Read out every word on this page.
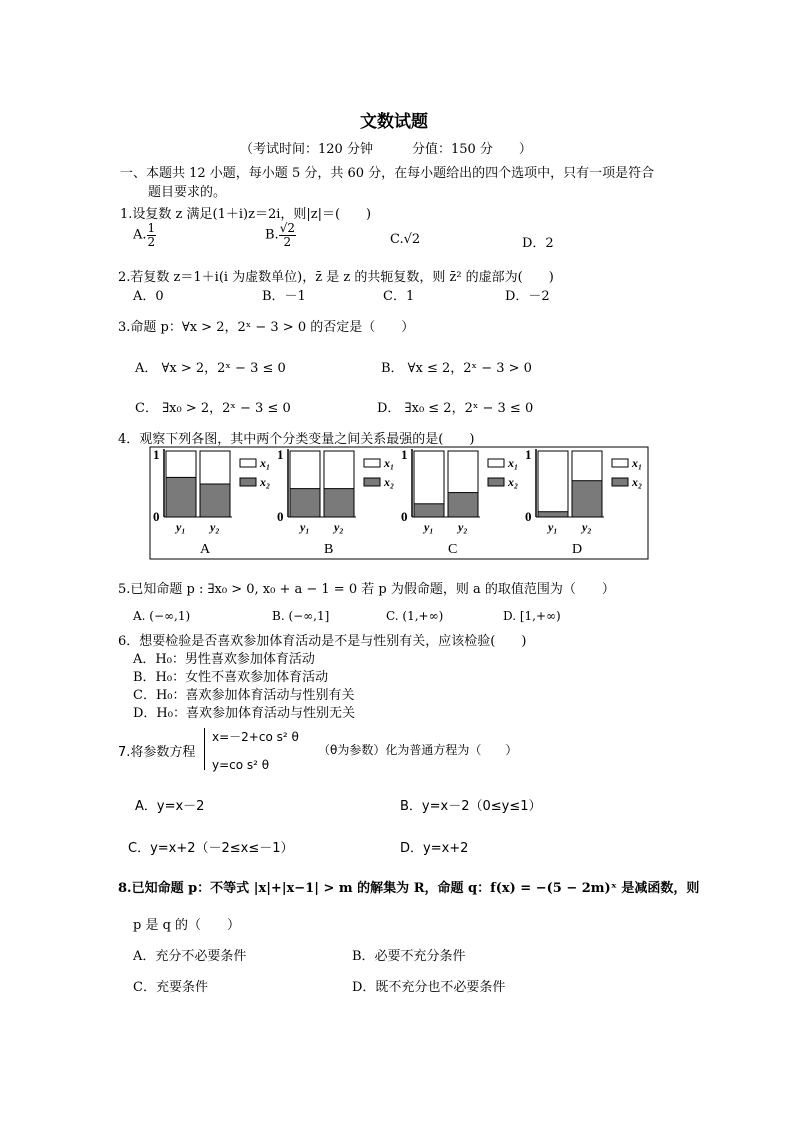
文数试题
（考试时间：120 分钟　　　分值：150 分　　）
一、本题共 12 小题，每小题 5 分，共 60 分，在每小题给出的四个选项中，只有一项是符合
题目要求的。
1.设复数 z 满足(1＋i)z＝2i，则|z|＝(　　)
A. $\frac{1}{2}$	B. $\frac{√2}{2}$	C.√2	D．2
2.若复数 z＝1＋i(i 为虚数单位)，z̄ 是 z 的共轭复数，则 z̄² 的虚部为(　　)
A．0	B．－1	C．1	D．－2
3.命题 p：∀x > 2，2ˣ − 3 > 0 的否定是（　　）
A． ∀x > 2，2ˣ − 3 ≤ 0	B． ∀x ≤ 2，2ˣ − 3 > 0
C． ∃x₀ > 2，2ˣ − 3 ≤ 0	D． ∃x₀ ≤ 2，2ˣ − 3 ≤ 0
4．观察下列各图，其中两个分类变量之间关系最强的是(　　)
1
0
y₁ y₂
x₁
x₂
A
1
0
y₁ y₂
x₁
x₂
B
1
0
y₁ y₂
x₁
x₂
C
1
0
y₁ y₂
x₁
x₂
D
5.已知命题 p : ∃x₀ > 0, x₀ + a − 1 = 0 若 p 为假命题，则 a 的取值范围为（　　）
A. (−∞,1)	B. (−∞,1]	C. (1,+∞)	D. [1,+∞)
6．想要检验是否喜欢参加体育活动是不是与性别有关，应该检验(　　)
A．H₀：男性喜欢参加体育活动
B．H₀：女性不喜欢参加体育活动
C．H₀：喜欢参加体育活动与性别有关
D．H₀：喜欢参加体育活动与性别无关
7.将参数方程
x=－2+co s² θ
y=co s² θ
（θ为参数）化为普通方程为（　　）
A．y=x－2	B．y=x－2（0≤y≤1）
C．y=x+2（－2≤x≤－1）	D．y=x+2
8.已知命题 p：不等式 |x|+|x−1| > m 的解集为 R，命题 q：f(x) = −(5 − 2m)ˣ 是减函数，则
p 是 q 的（　　）
A．充分不必要条件	B．必要不充分条件
C．充要条件	D．既不充分也不必要条件
